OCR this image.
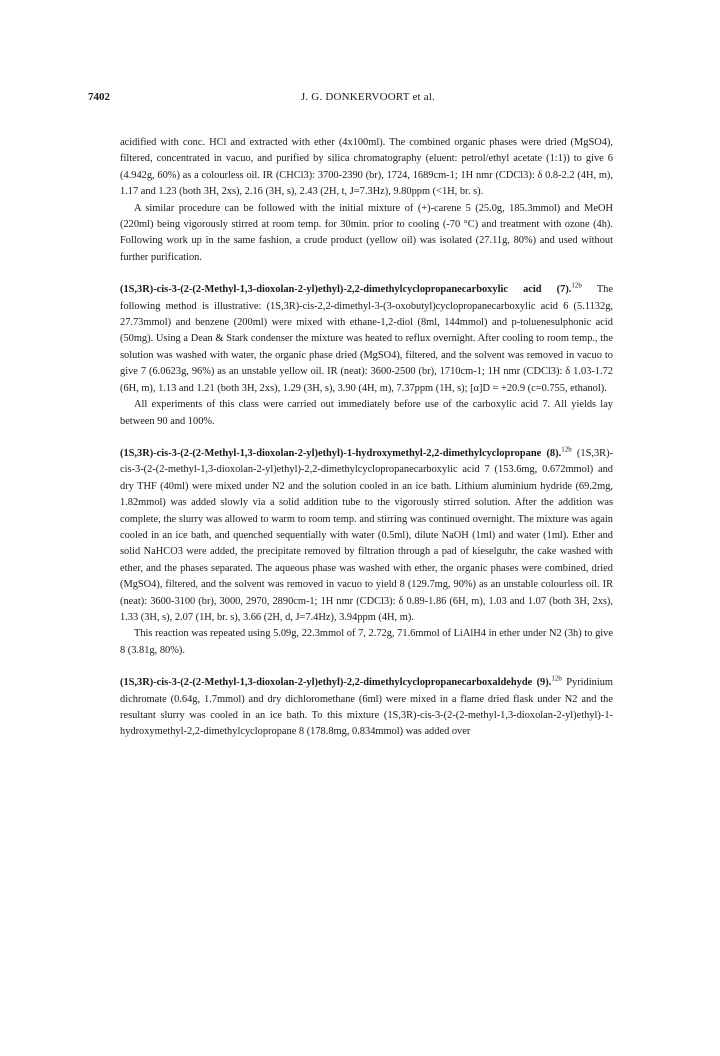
7402	J. G. DONKERVOORT et al.

acidified with conc. HCl and extracted with ether (4x100ml). The combined organic phases were dried (MgSO4), filtered, concentrated in vacuo, and purified by silica chromatography (eluent: petrol/ethyl acetate (1:1)) to give 6 (4.942g, 60%) as a colourless oil. IR (CHCl3): 3700-2390 (br), 1724, 1689cm-1; 1H nmr (CDCl3): δ 0.8-2.2 (4H, m), 1.17 and 1.23 (both 3H, 2xs), 2.16 (3H, s), 2.43 (2H, t, J=7.3Hz), 9.80ppm (<1H, br. s).

A similar procedure can be followed with the initial mixture of (+)-carene 5 (25.0g, 185.3mmol) and MeOH (220ml) being vigorously stirred at room temp. for 30min. prior to cooling (-70 °C) and treatment with ozone (4h). Following work up in the same fashion, a crude product (yellow oil) was isolated (27.11g, 80%) and used without further purification.

(1S,3R)-cis-3-(2-(2-Methyl-1,3-dioxolan-2-yl)ethyl)-2,2-dimethylcyclopropanecarboxylic acid (7).$^{12b}$ The following method is illustrative: (1S,3R)-cis-2,2-dimethyl-3-(3-oxobutyl)cyclopropanecarboxylic acid 6 (5.1132g, 27.73mmol) and benzene (200ml) were mixed with ethane-1,2-diol (8ml, 144mmol) and p-toluenesulphonic acid (50mg). Using a Dean & Stark condenser the mixture was heated to reflux overnight. After cooling to room temp., the solution was washed with water, the organic phase dried (MgSO4), filtered, and the solvent was removed in vacuo to give 7 (6.0623g, 96%) as an unstable yellow oil. IR (neat): 3600-2500 (br), 1710cm-1; 1H nmr (CDCl3): δ 1.03-1.72 (6H, m), 1.13 and 1.21 (both 3H, 2xs), 1.29 (3H, s), 3.90 (4H, m), 7.37ppm (1H, s); [α]D = +20.9 (c=0.755, ethanol).

All experiments of this class were carried out immediately before use of the carboxylic acid 7. All yields lay between 90 and 100%.

(1S,3R)-cis-3-(2-(2-Methyl-1,3-dioxolan-2-yl)ethyl)-1-hydroxymethyl-2,2-dimethylcyclopropane (8).$^{12b}$ (1S,3R)-cis-3-(2-(2-methyl-1,3-dioxolan-2-yl)ethyl)-2,2-dimethylcyclopropanecarboxylic acid 7 (153.6mg, 0.672mmol) and dry THF (40ml) were mixed under N2 and the solution cooled in an ice bath. Lithium aluminium hydride (69.2mg, 1.82mmol) was added slowly via a solid addition tube to the vigorously stirred solution. After the addition was complete, the slurry was allowed to warm to room temp. and stirring was continued overnight. The mixture was again cooled in an ice bath, and quenched sequentially with water (0.5ml), dilute NaOH (1ml) and water (1ml). Ether and solid NaHCO3 were added, the precipitate removed by filtration through a pad of kieselguhr, the cake washed with ether, and the phases separated. The aqueous phase was washed with ether, the organic phases were combined, dried (MgSO4), filtered, and the solvent was removed in vacuo to yield 8 (129.7mg, 90%) as an unstable colourless oil. IR (neat): 3600-3100 (br), 3000, 2970, 2890cm-1; 1H nmr (CDCl3): δ 0.89-1.86 (6H, m), 1.03 and 1.07 (both 3H, 2xs), 1.33 (3H, s), 2.07 (1H, br. s), 3.66 (2H, d, J=7.4Hz), 3.94ppm (4H, m).

This reaction was repeated using 5.09g, 22.3mmol of 7, 2.72g, 71.6mmol of LiAlH4 in ether under N2 (3h) to give 8 (3.81g, 80%).

(1S,3R)-cis-3-(2-(2-Methyl-1,3-dioxolan-2-yl)ethyl)-2,2-dimethylcyclopropanecarboxaldehyde (9).$^{12b}$ Pyridinium dichromate (0.64g, 1.7mmol) and dry dichloromethane (6ml) were mixed in a flame dried flask under N2 and the resultant slurry was cooled in an ice bath. To this mixture (1S,3R)-cis-3-(2-(2-methyl-1,3-dioxolan-2-yl)ethyl)-1-hydroxymethyl-2,2-dimethylcyclopropane 8 (178.8mg, 0.834mmol) was added over
